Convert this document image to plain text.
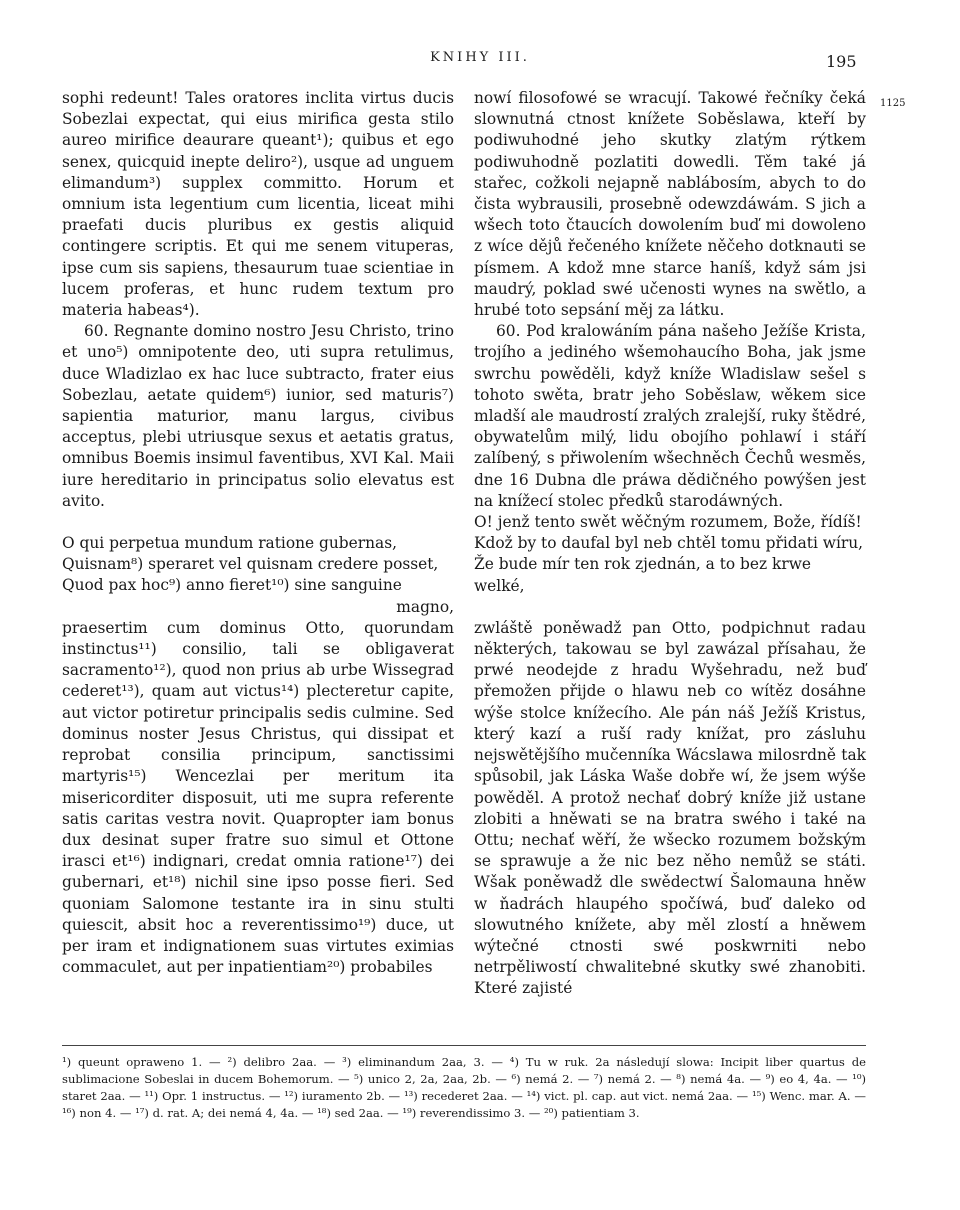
KNIHY III.	195
1125

sophi redeunt! Tales oratores inclita virtus ducis Sobezlai expectat, qui eius mirifica gesta stilo aureo mirifice deaurare queant¹); quibus et ego senex, quicquid inepte deliro²), usque ad unguem elimandum³) supplex committo. Horum et omnium ista legentium cum licentia, liceat mihi praefati ducis pluribus ex gestis aliquid contingere scriptis. Et qui me senem vituperas, ipse cum sis sapiens, thesaurum tuae scientiae in lucem proferas, et hunc rudem textum pro materia habeas⁴).

60. Regnante domino nostro Jesu Christo, trino et uno⁵) omnipotente deo, uti supra retulimus, duce Wladizlao ex hac luce subtracto, frater eius Sobezlau, aetate quidem⁶) iunior, sed maturis⁷) sapientia maturior, manu largus, civibus acceptus, plebi utriusque sexus et aetatis gratus, omnibus Boemis insimul faventibus, XVI Kal. Maii iure hereditario in principatus solio elevatus est avito.

O qui perpetua mundum ratione gubernas,
Quisnam⁸) speraret vel quisnam credere posset,
Quod pax hoc⁹) anno fieret¹⁰) sine sanguine
magno,

praesertim cum dominus Otto, quorundam instinctus¹¹) consilio, tali se obligaverat sacramento¹²), quod non prius ab urbe Wissegrad cederet¹³), quam aut victus¹⁴) plecteretur capite, aut victor potiretur principalis sedis culmine. Sed dominus noster Jesus Christus, qui dissipat et reprobat consilia principum, sanctissimi martyris¹⁵) Wencezlai per meritum ita misericorditer disposuit, uti me supra referente satis caritas vestra novit. Quapropter iam bonus dux desinat super fratre suo simul et Ottone irasci et¹⁶) indignari, credat omnia ratione¹⁷) dei gubernari, et¹⁸) nichil sine ipso posse fieri. Sed quoniam Salomone testante ira in sinu stulti quiescit, absit hoc a reverentissimo¹⁹) duce, ut per iram et indignationem suas virtutes eximias commaculet, aut per inpatientiam²⁰) probabiles

nowí filosofowé se wracují. Takowé řečníky čeká slownutná ctnost knížete Soběslawa, kteří by podiwuhodné jeho skutky zlatým rýtkem podiwuhodně pozlatiti dowedli. Těm také já stařec, cožkoli nejapně nablábosím, abych to do čista wybrausili, prosebně odewzdáwám. S jich a wšech toto čtaucích dowolením buď mi dowoleno z wíce dějů řečeného knížete něčeho dotknauti se písmem. A kdož mne starce haníš, když sám jsi maudrý, poklad swé učenosti wynes na swětlo, a hrubé toto sepsání měj za látku.

60. Pod kralowáním pána našeho Ježíše Krista, trojího a jediného wšemohaucího Boha, jak jsme swrchu powěděli, když kníže Wladislaw sešel s tohoto swěta, bratr jeho Soběslaw, wěkem sice mladší ale maudrostí zralých zralejší, ruky štědré, obywatelům milý, lidu obojího pohlawí i stáří zalíbený, s přiwolením wšechněch Čechů wesměs, dne 16 Dubna dle práwa dědičného powýšen jest na knížecí stolec předků starodáwných.

O! jenž tento swět wěčným rozumem, Bože, řídíš!
Kdož by to daufal byl neb chtěl tomu přidati wíru,
Že bude mír ten rok zjednán, a to bez krwe welké,

zwláště poněwadž pan Otto, podpichnut radau některých, takowau se byl zawázal přísahau, že prwé neodejde z hradu Wyšehradu, než buď přemožen přijde o hlawu neb co wítěz dosáhne wýše stolce knížecího. Ale pán náš Ježíš Kristus, který kazí a ruší rady knížat, pro zásluhu nejswětějšího mučenníka Wácslawa milosrdně tak spůsobil, jak Láska Waše dobře wí, že jsem wýše powěděl. A protož nechať dobrý kníže již ustane zlobiti a hněwati se na bratra swého i také na Ottu; nechať wěří, že wšecko rozumem božským se sprawuje a že nic bez něho nemůž se státi. Wšak poněwadž dle swědectwí Šalomauna hněw w ňadrách hlaupého spočíwá, buď daleko od slowutného knížete, aby měl zlostí a hněwem wýtečné ctnosti swé poskwrniti nebo netrpěliwostí chwalitebné skutky swé zhanobiti. Které zajisté

¹) queunt oprawenо 1. — ²) delibro 2aa. — ³) eliminandum 2aa, 3. — ⁴) Tu w ruk. 2a následují slowa: Incipit liber quartus de sublimacione Sobeslai in ducem Bohemorum. — ⁵) unico 2, 2a, 2aa, 2b. — ⁶) nemá 2. — ⁷) nemá 2. — ⁸) nemá 4a. — ⁹) eo 4, 4a. — ¹⁰) staret 2aa. — ¹¹) Opr. 1 instructus. — ¹²) iuramento 2b. — ¹³) recederet 2aa. — ¹⁴) vict. pl. cap. aut vict. nemá 2aa. — ¹⁵) Wenc. mar. A. — ¹⁶) non 4. — ¹⁷) d. rat. A; dei nemá 4, 4a. — ¹⁸) sed 2aa. — ¹⁹) reverendissimo 3. — ²⁰) patientiam 3.
